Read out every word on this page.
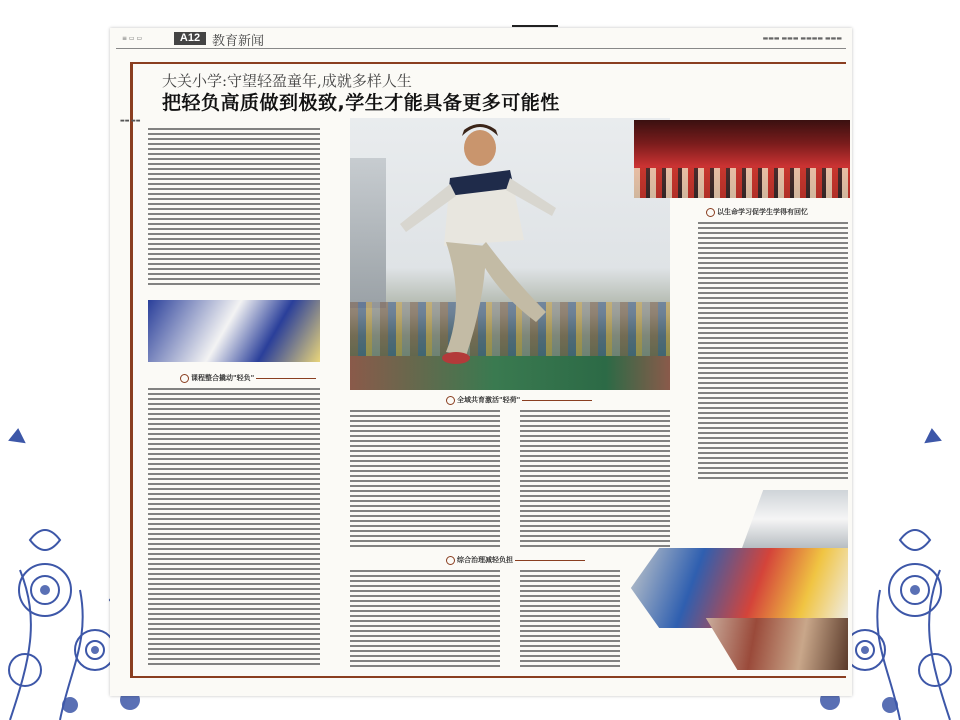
≡ ▭ ▭	A12 教育新闻	▬▬▬ ▬▬▬ ▬▬▬▬ ▬▬▬
大关小学:守望轻盈童年,成就多样人生
把轻负高质做到极致,学生才能具备更多可能性
▬▬ ▬▬
课程整合撬动"轻负"
以生命学习促学生学得有回忆
全域共育激活"轻荷"
综合治理减轻负担
